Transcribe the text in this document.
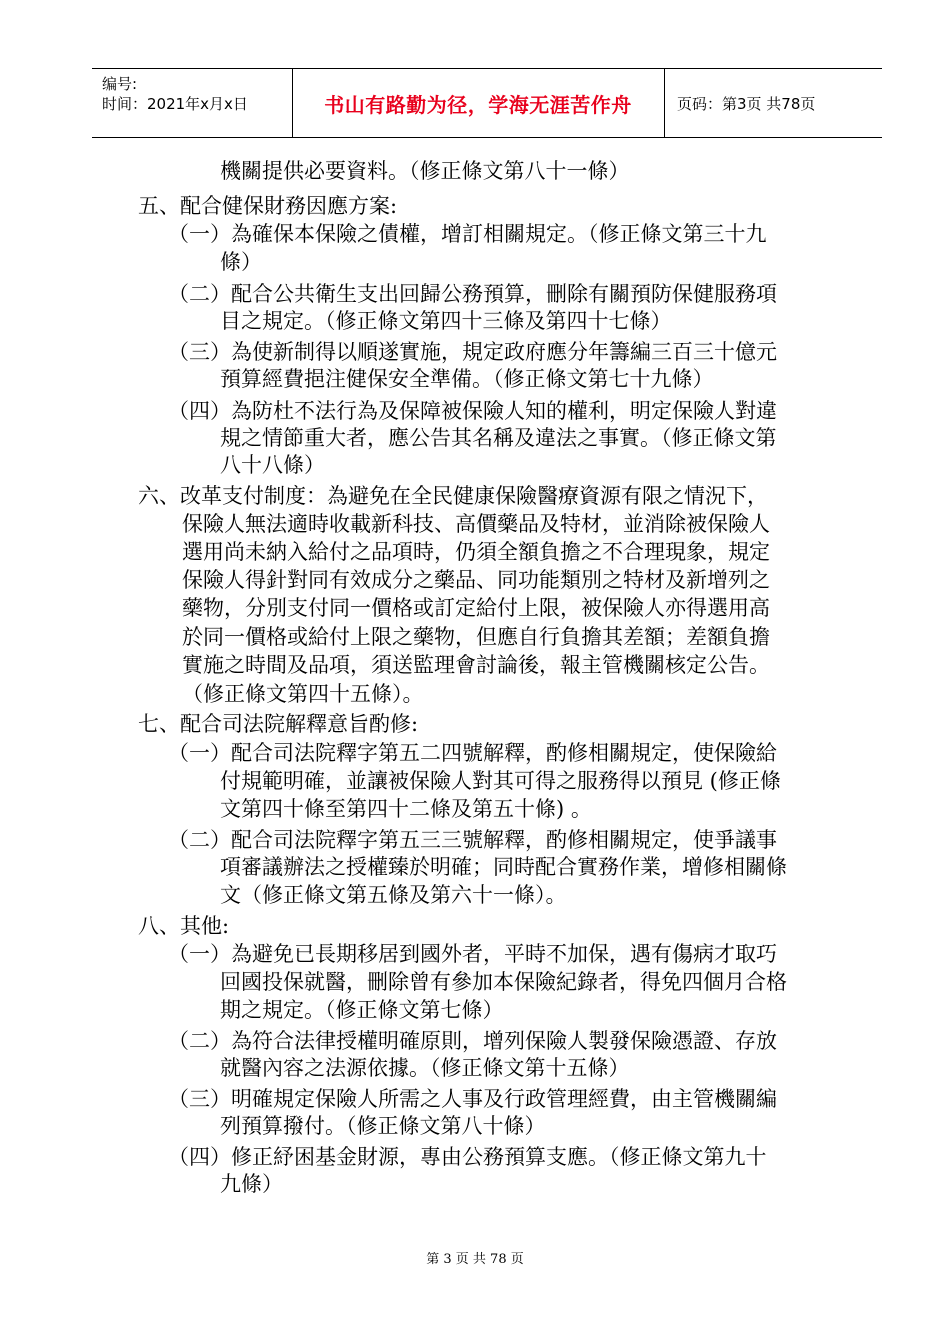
编号:
时间：2021年x月x日	书山有路勤为径，学海无涯苦作舟	页码：第3页 共78页
機關提供必要資料。（修正條文第八十一條）
五、配合健保財務因應方案:
（一）為確保本保險之債權，增訂相關規定。（修正條文第三十九
條）
（二）配合公共衛生支出回歸公務預算，刪除有關預防保健服務項
目之規定。（修正條文第四十三條及第四十七條）
（三）為使新制得以順遂實施，規定政府應分年籌編三百三十億元
預算經費挹注健保安全準備。（修正條文第七十九條）
（四）為防杜不法行為及保障被保險人知的權利，明定保險人對違
規之情節重大者，應公告其名稱及違法之事實。（修正條文第
八十八條）
六、改革支付制度：為避免在全民健康保險醫療資源有限之情況下，
保險人無法適時收載新科技、高價藥品及特材，並消除被保險人
選用尚未納入給付之品項時，仍須全額負擔之不合理現象，規定
保險人得針對同有效成分之藥品、同功能類別之特材及新增列之
藥物，分別支付同一價格或訂定給付上限，被保險人亦得選用高
於同一價格或給付上限之藥物，但應自行負擔其差額；差額負擔
實施之時間及品項，須送監理會討論後，報主管機關核定公告。
（修正條文第四十五條）。
七、配合司法院解釋意旨酌修:
（一）配合司法院釋字第五二四號解釋，酌修相關規定，使保險給
付規範明確，並讓被保險人對其可得之服務得以預見 (修正條
文第四十條至第四十二條及第五十條) 。
（二）配合司法院釋字第五三三號解釋，酌修相關規定，使爭議事
項審議辦法之授權臻於明確；同時配合實務作業，增修相關條
文（修正條文第五條及第六十一條）。
八、其他:
（一）為避免已長期移居到國外者，平時不加保，遇有傷病才取巧
回國投保就醫，刪除曾有參加本保險紀錄者，得免四個月合格
期之規定。（修正條文第七條）
（二）為符合法律授權明確原則，增列保險人製發保險憑證、存放
就醫內容之法源依據。（修正條文第十五條）
（三）明確規定保險人所需之人事及行政管理經費，由主管機關編
列預算撥付。（修正條文第八十條）
（四）修正紓困基金財源，專由公務預算支應。（修正條文第九十
九條）
第 3 页 共 78 页
